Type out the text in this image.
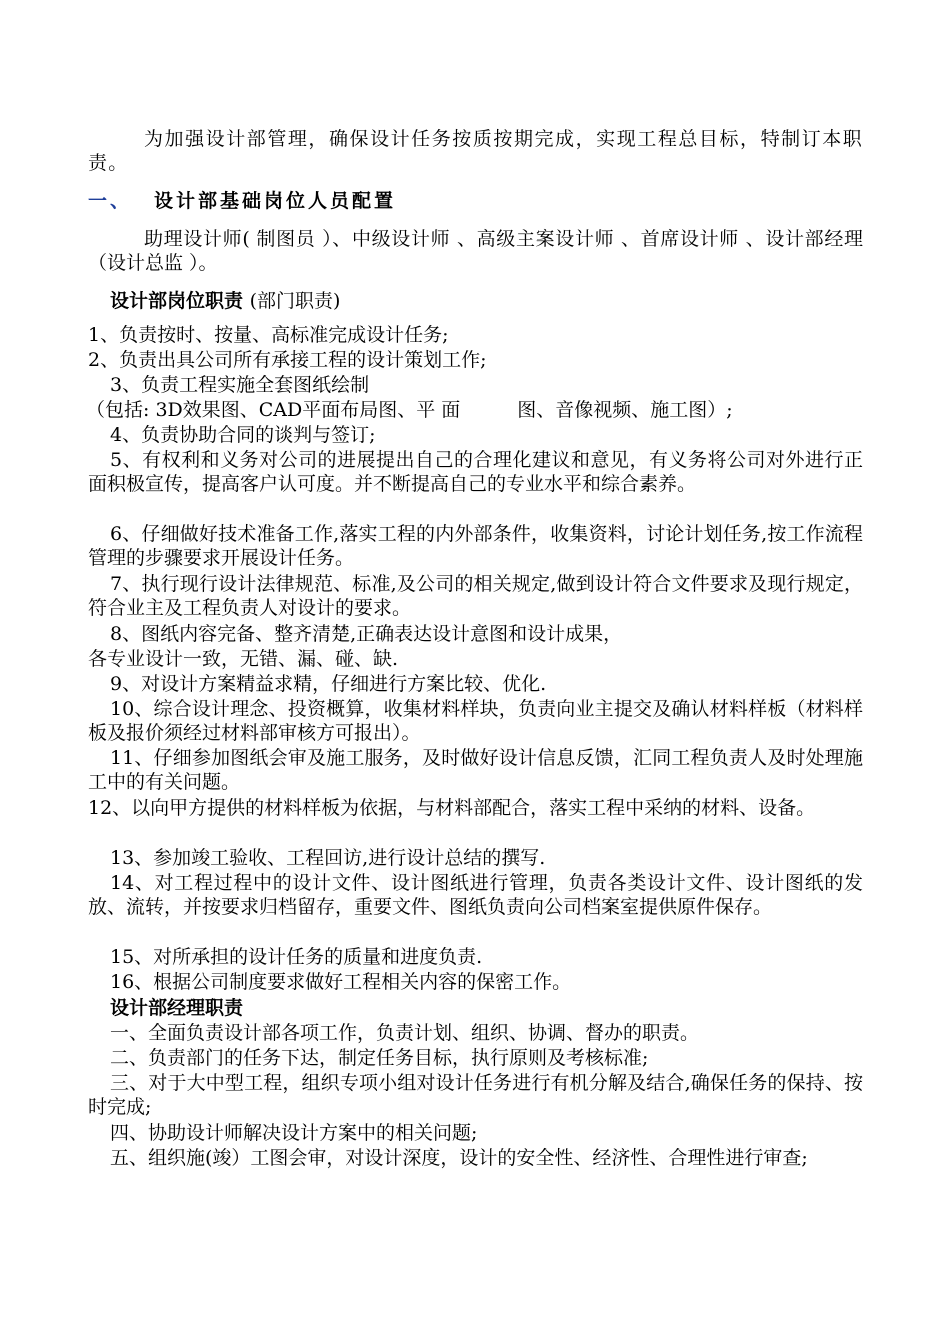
为加强设计部管理，确保设计任务按质按期完成，实现工程总目标，特制订本职责。
一、 设计部基础岗位人员配置
助理设计师( 制图员 ）、中级设计师 、高级主案设计师 、首席设计师 、设计部经理（设计总监 ）。
设计部岗位职责 (部门职责)
1、负责按时、按量、高标准完成设计任务;
2、负责出具公司所有承接工程的设计策划工作;
3、负责工程实施全套图纸绘制
（包括: 3D效果图、CAD平面布局图、平 面　　　图、音像视频、施工图）;
4、负责协助合同的谈判与签订;
5、有权利和义务对公司的进展提出自己的合理化建议和意见，有义务将公司对外进行正面积极宣传，提高客户认可度。并不断提高自己的专业水平和综合素养。
6、仔细做好技术准备工作,落实工程的内外部条件，收集资料，讨论计划任务,按工作流程管理的步骤要求开展设计任务。
7、执行现行设计法律规范、标准,及公司的相关规定,做到设计符合文件要求及现行规定，符合业主及工程负责人对设计的要求。
8、图纸内容完备、整齐清楚,正确表达设计意图和设计成果，
各专业设计一致，无错、漏、碰、缺.
9、对设计方案精益求精，仔细进行方案比较、优化.
10、综合设计理念、投资概算，收集材料样块，负责向业主提交及确认材料样板（材料样板及报价须经过材料部审核方可报出）。
11、仔细参加图纸会审及施工服务，及时做好设计信息反馈，汇同工程负责人及时处理施工中的有关问题。
12、以向甲方提供的材料样板为依据，与材料部配合，落实工程中采纳的材料、设备。
13、参加竣工验收、工程回访,进行设计总结的撰写.
14、对工程过程中的设计文件、设计图纸进行管理，负责各类设计文件、设计图纸的发放、流转，并按要求归档留存，重要文件、图纸负责向公司档案室提供原件保存。
15、对所承担的设计任务的质量和进度负责.
16、根据公司制度要求做好工程相关内容的保密工作。
设计部经理职责
一、全面负责设计部各项工作，负责计划、组织、协调、督办的职责。
二、负责部门的任务下达，制定任务目标，执行原则及考核标准;
三、对于大中型工程，组织专项小组对设计任务进行有机分解及结合,确保任务的保持、按时完成;
四、协助设计师解决设计方案中的相关问题;
五、组织施(竣）工图会审，对设计深度，设计的安全性、经济性、合理性进行审查;
